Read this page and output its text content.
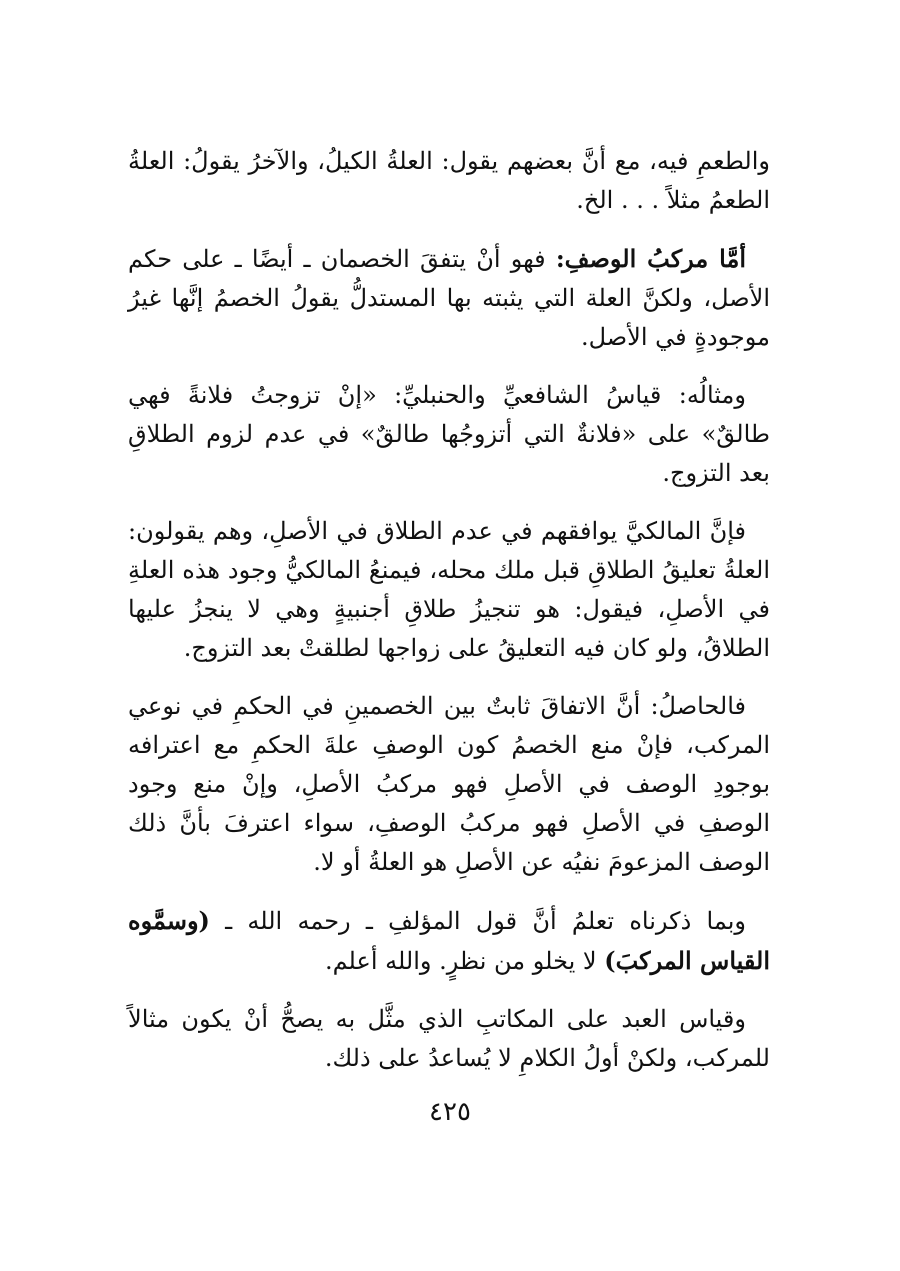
والطعمِ فيه، مع أنَّ بعضهم يقول: العلةُ الكيلُ، والآخرُ يقولُ: العلةُ الطعمُ مثلاً . . . الخ.

أمَّا مركبُ الوصفِ: فهو أنْ يتفقَ الخصمان ـ أيضًا ـ على حكم الأصل، ولكنَّ العلة التي يثبته بها المستدلُّ يقولُ الخصمُ إنَّها غيرُ موجودةٍ في الأصل.

ومثالُه: قياسُ الشافعيِّ والحنبليِّ: «إنْ تزوجتُ فلانةً فهي طالقٌ» على «فلانةٌ التي أتزوجُها طالقٌ» في عدم لزوم الطلاقِ بعد التزوج.

فإنَّ المالكيَّ يوافقهم في عدم الطلاق في الأصلِ، وهم يقولون: العلةُ تعليقُ الطلاقِ قبل ملك محله، فيمنعُ المالكيُّ وجود هذه العلةِ في الأصلِ، فيقول: هو تنجيزُ طلاقِ أجنبيةٍ وهي لا ينجزُ عليها الطلاقُ، ولو كان فيه التعليقُ على زواجها لطلقتْ بعد التزوج.

فالحاصلُ: أنَّ الاتفاقَ ثابتٌ بين الخصمينِ في الحكمِ في نوعي المركب، فإنْ منع الخصمُ كون الوصفِ علةَ الحكمِ مع اعترافه بوجودِ الوصف في الأصلِ فهو مركبُ الأصلِ، وإنْ منع وجود الوصفِ في الأصلِ فهو مركبُ الوصفِ، سواء اعترفَ بأنَّ ذلك الوصف المزعومَ نفيُه عن الأصلِ هو العلةُ أو لا.

وبما ذكرناه تعلمُ أنَّ قول المؤلفِ ـ رحمه الله ـ (وسمَّوه القياس المركبَ) لا يخلو من نظرٍ. والله أعلم.

وقياس العبد على المكاتبِ الذي مثَّل به يصحُّ أنْ يكون مثالاً للمركب، ولكنْ أولُ الكلامِ لا يُساعدُ على ذلك.

٤٢٥
